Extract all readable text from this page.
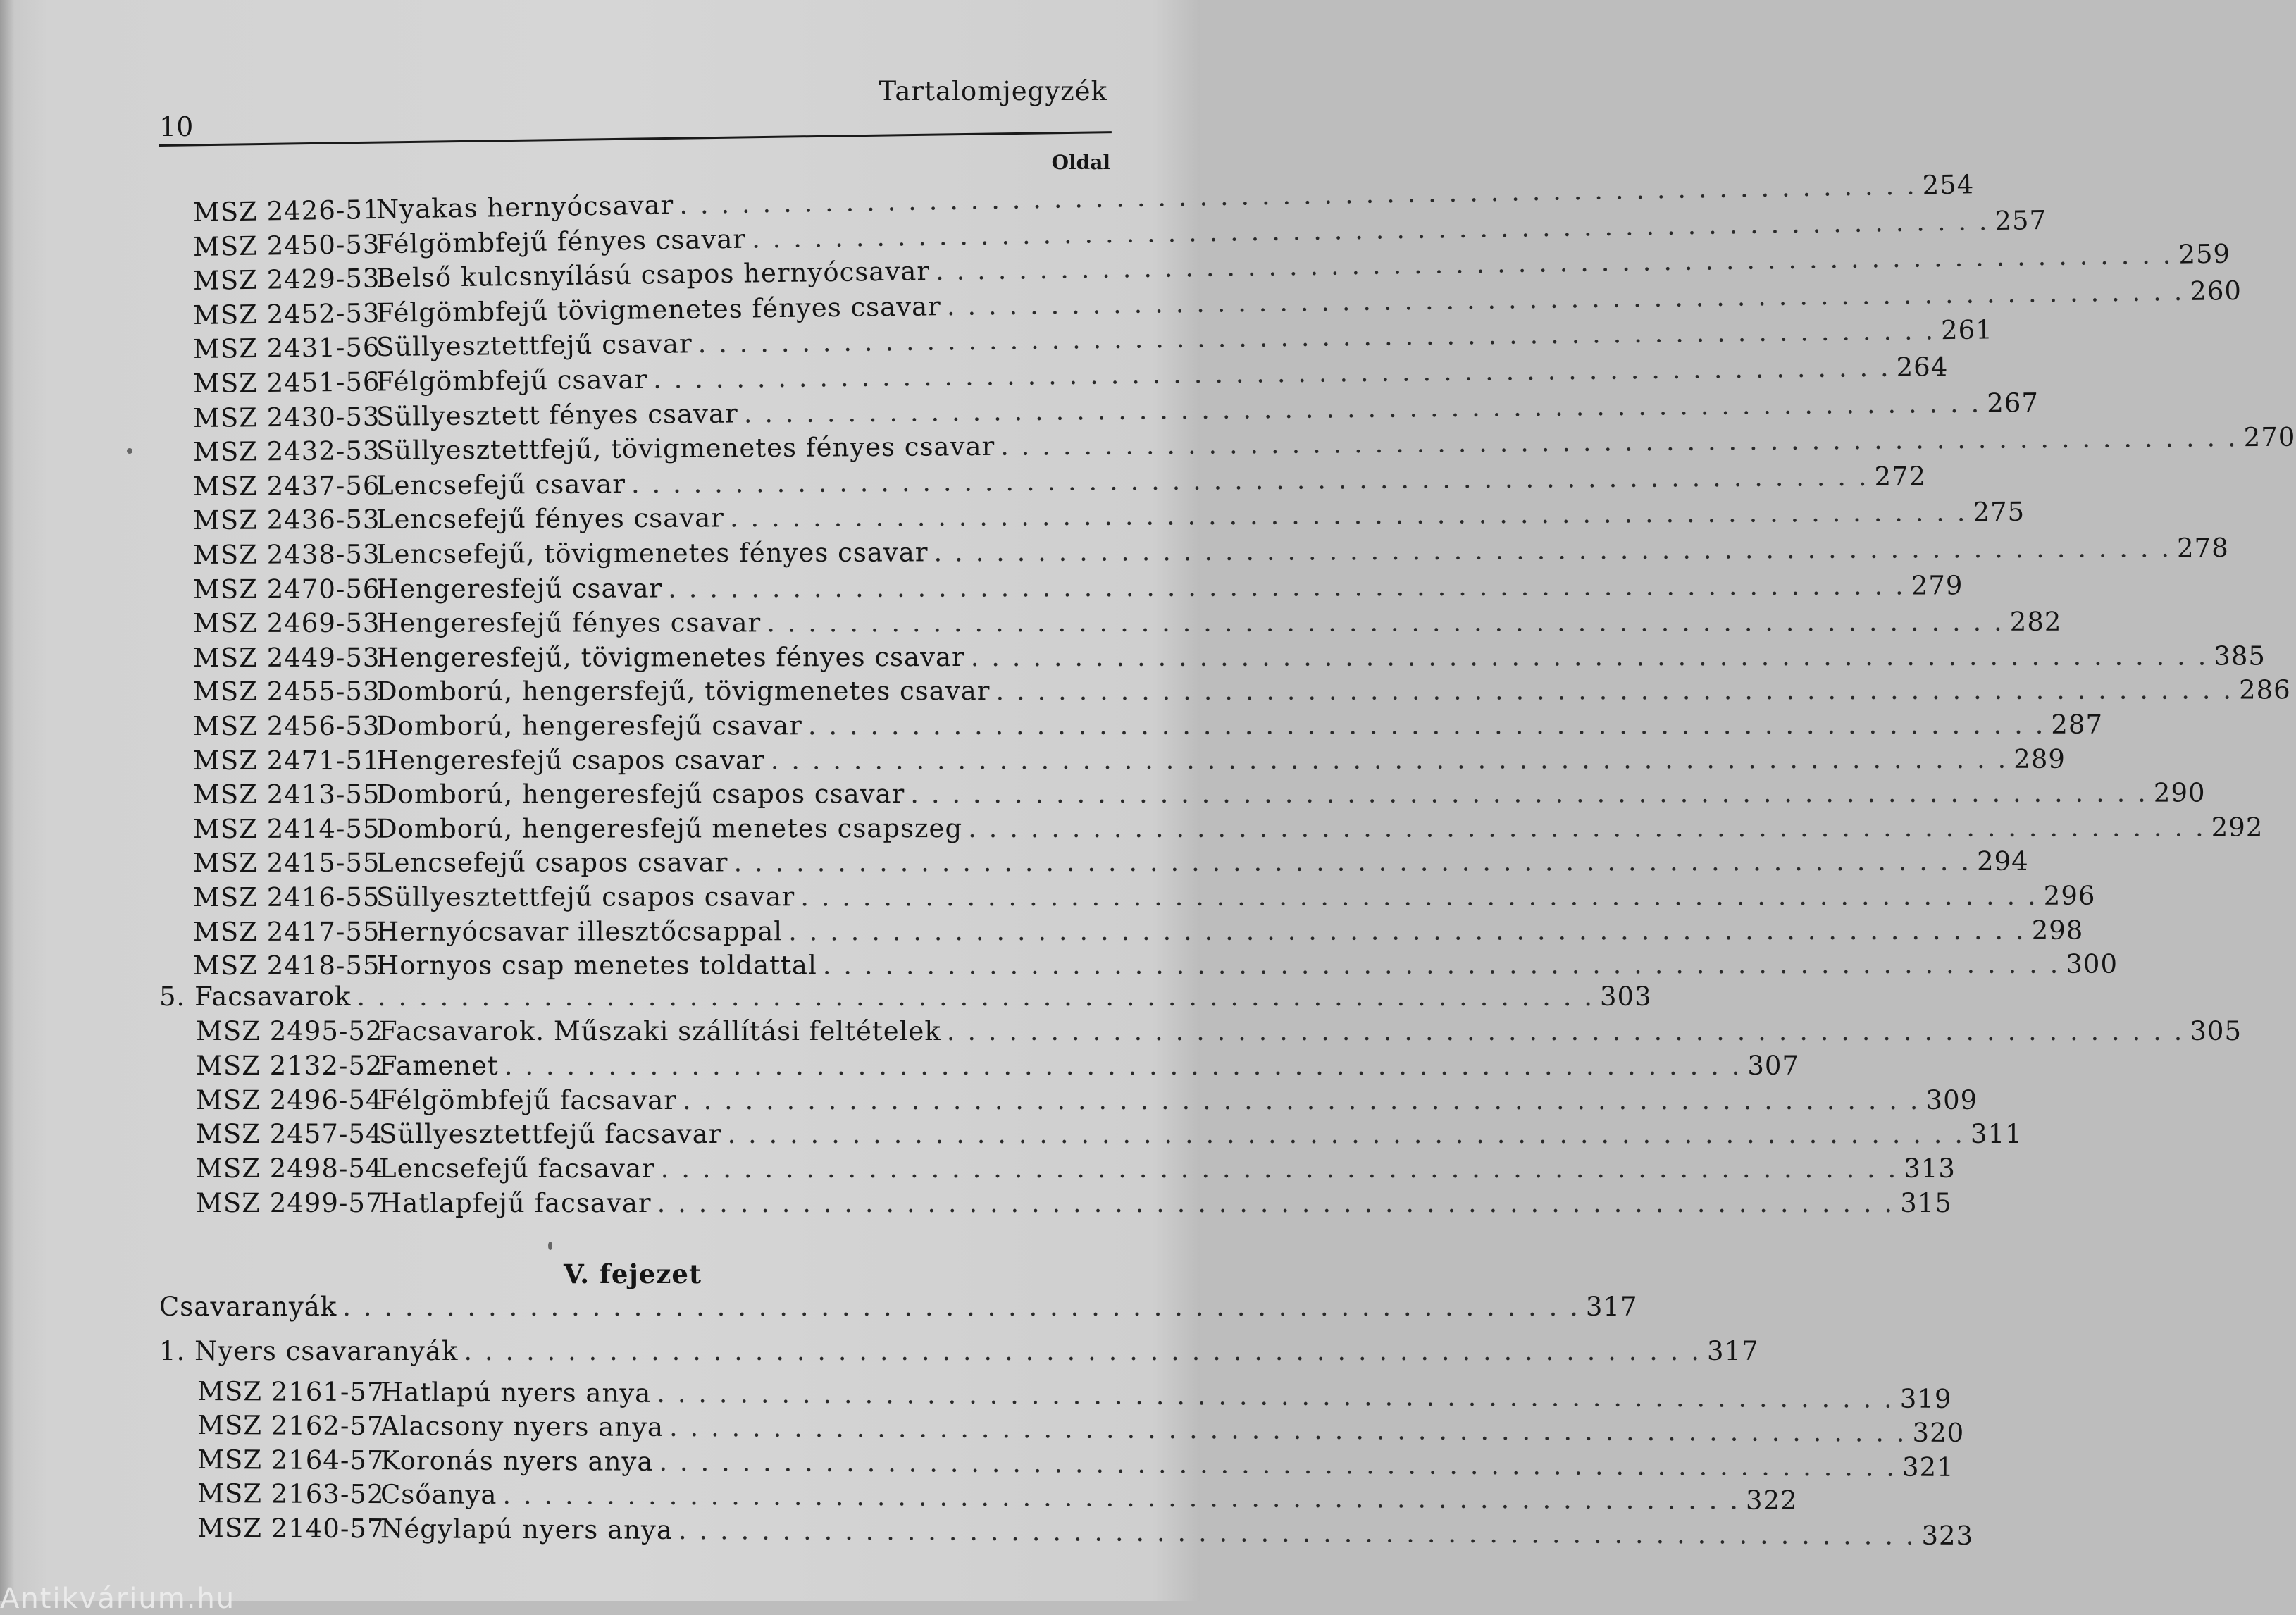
10
Tartalomjegyzék
Oldal
MSZ 2426-51
Nyakas hernyócsavar . . . . . . . . . . . . . . . . . . . . . . . . . . . . . . . . . . . . . . . . . . . . . . . . . . . . . . . . . . . . 254
MSZ 2450-53
Félgömbfejű fényes csavar . . . . . . . . . . . . . . . . . . . . . . . . . . . . . . . . . . . . . . . . . . . . . . . . . . . . . . . . . . . . 257
MSZ 2429-53
Belső kulcsnyílású csapos hernyócsavar . . . . . . . . . . . . . . . . . . . . . . . . . . . . . . . . . . . . . . . . . . . . . . . . . . . . . . . . . . . . 259
MSZ 2452-53
Félgömbfejű tövigmenetes fényes csavar . . . . . . . . . . . . . . . . . . . . . . . . . . . . . . . . . . . . . . . . . . . . . . . . . . . . . . . . . . . . 260
MSZ 2431-56
Süllyesztettfejű csavar . . . . . . . . . . . . . . . . . . . . . . . . . . . . . . . . . . . . . . . . . . . . . . . . . . . . . . . . . . . . 261
MSZ 2451-56
Félgömbfejű csavar . . . . . . . . . . . . . . . . . . . . . . . . . . . . . . . . . . . . . . . . . . . . . . . . . . . . . . . . . . . . 264
MSZ 2430-53
Süllyesztett fényes csavar . . . . . . . . . . . . . . . . . . . . . . . . . . . . . . . . . . . . . . . . . . . . . . . . . . . . . . . . . . . . 267
MSZ 2432-53
Süllyesztettfejű, tövigmenetes fényes csavar . . . . . . . . . . . . . . . . . . . . . . . . . . . . . . . . . . . . . . . . . . . . . . . . . . . . . . . . . . . . 270
MSZ 2437-56
Lencsefejű csavar . . . . . . . . . . . . . . . . . . . . . . . . . . . . . . . . . . . . . . . . . . . . . . . . . . . . . . . . . . . . 272
MSZ 2436-53
Lencsefejű fényes csavar . . . . . . . . . . . . . . . . . . . . . . . . . . . . . . . . . . . . . . . . . . . . . . . . . . . . . . . . . . . . 275
MSZ 2438-53
Lencsefejű, tövigmenetes fényes csavar . . . . . . . . . . . . . . . . . . . . . . . . . . . . . . . . . . . . . . . . . . . . . . . . . . . . . . . . . . . . 278
MSZ 2470-56
Hengeresfejű csavar . . . . . . . . . . . . . . . . . . . . . . . . . . . . . . . . . . . . . . . . . . . . . . . . . . . . . . . . . . . . 279
MSZ 2469-53
Hengeresfejű fényes csavar . . . . . . . . . . . . . . . . . . . . . . . . . . . . . . . . . . . . . . . . . . . . . . . . . . . . . . . . . . . . 282
MSZ 2449-53
Hengeresfejű, tövigmenetes fényes csavar . . . . . . . . . . . . . . . . . . . . . . . . . . . . . . . . . . . . . . . . . . . . . . . . . . . . . . . . . . . . 385
MSZ 2455-53
Domború, hengersfejű, tövigmenetes csavar . . . . . . . . . . . . . . . . . . . . . . . . . . . . . . . . . . . . . . . . . . . . . . . . . . . . . . . . . . . . 286
MSZ 2456-53
Domború, hengeresfejű csavar . . . . . . . . . . . . . . . . . . . . . . . . . . . . . . . . . . . . . . . . . . . . . . . . . . . . . . . . . . . . 287
MSZ 2471-51
Hengeresfejű csapos csavar . . . . . . . . . . . . . . . . . . . . . . . . . . . . . . . . . . . . . . . . . . . . . . . . . . . . . . . . . . . . 289
MSZ 2413-55
Domború, hengeresfejű csapos csavar . . . . . . . . . . . . . . . . . . . . . . . . . . . . . . . . . . . . . . . . . . . . . . . . . . . . . . . . . . . . 290
MSZ 2414-55
Domború, hengeresfejű menetes csapszeg . . . . . . . . . . . . . . . . . . . . . . . . . . . . . . . . . . . . . . . . . . . . . . . . . . . . . . . . . . . . 292
MSZ 2415-55
Lencsefejű csapos csavar . . . . . . . . . . . . . . . . . . . . . . . . . . . . . . . . . . . . . . . . . . . . . . . . . . . . . . . . . . . . 294
MSZ 2416-55
Süllyesztettfejű csapos csavar . . . . . . . . . . . . . . . . . . . . . . . . . . . . . . . . . . . . . . . . . . . . . . . . . . . . . . . . . . . . 296
MSZ 2417-55
Hernyócsavar illesztőcsappal . . . . . . . . . . . . . . . . . . . . . . . . . . . . . . . . . . . . . . . . . . . . . . . . . . . . . . . . . . . . 298
MSZ 2418-55
Hornyos csap menetes toldattal . . . . . . . . . . . . . . . . . . . . . . . . . . . . . . . . . . . . . . . . . . . . . . . . . . . . . . . . . . . . 300
5. Facsavarok . . . . . . . . . . . . . . . . . . . . . . . . . . . . . . . . . . . . . . . . . . . . . . . . . . . . . . . . . . . . 303
MSZ 2495-52
Facsavarok. Műszaki szállítási feltételek . . . . . . . . . . . . . . . . . . . . . . . . . . . . . . . . . . . . . . . . . . . . . . . . . . . . . . . . . . . . 305
MSZ 2132-52
Famenet . . . . . . . . . . . . . . . . . . . . . . . . . . . . . . . . . . . . . . . . . . . . . . . . . . . . . . . . . . . . 307
MSZ 2496-54
Félgömbfejű facsavar . . . . . . . . . . . . . . . . . . . . . . . . . . . . . . . . . . . . . . . . . . . . . . . . . . . . . . . . . . . . 309
MSZ 2457-54
Süllyesztettfejű facsavar . . . . . . . . . . . . . . . . . . . . . . . . . . . . . . . . . . . . . . . . . . . . . . . . . . . . . . . . . . . . 311
MSZ 2498-54
Lencsefejű facsavar . . . . . . . . . . . . . . . . . . . . . . . . . . . . . . . . . . . . . . . . . . . . . . . . . . . . . . . . . . . . 313
MSZ 2499-57
Hatlapfejű facsavar . . . . . . . . . . . . . . . . . . . . . . . . . . . . . . . . . . . . . . . . . . . . . . . . . . . . . . . . . . . . 315
Csavaranyák . . . . . . . . . . . . . . . . . . . . . . . . . . . . . . . . . . . . . . . . . . . . . . . . . . . . . . . . . . . . 317
1. Nyers csavaranyák . . . . . . . . . . . . . . . . . . . . . . . . . . . . . . . . . . . . . . . . . . . . . . . . . . . . . . . . . . . . 317
MSZ 2161-57
Hatlapú nyers anya . . . . . . . . . . . . . . . . . . . . . . . . . . . . . . . . . . . . . . . . . . . . . . . . . . . . . . . . . . . . 319
MSZ 2162-57
Alacsony nyers anya . . . . . . . . . . . . . . . . . . . . . . . . . . . . . . . . . . . . . . . . . . . . . . . . . . . . . . . . . . . . 320
MSZ 2164-57
Koronás nyers anya . . . . . . . . . . . . . . . . . . . . . . . . . . . . . . . . . . . . . . . . . . . . . . . . . . . . . . . . . . . . 321
MSZ 2163-52
Csőanya . . . . . . . . . . . . . . . . . . . . . . . . . . . . . . . . . . . . . . . . . . . . . . . . . . . . . . . . . . . . 322
MSZ 2140-57
Négylapú nyers anya . . . . . . . . . . . . . . . . . . . . . . . . . . . . . . . . . . . . . . . . . . . . . . . . . . . . . . . . . . . . 323
V. fejezet
Antikvárium.hu
